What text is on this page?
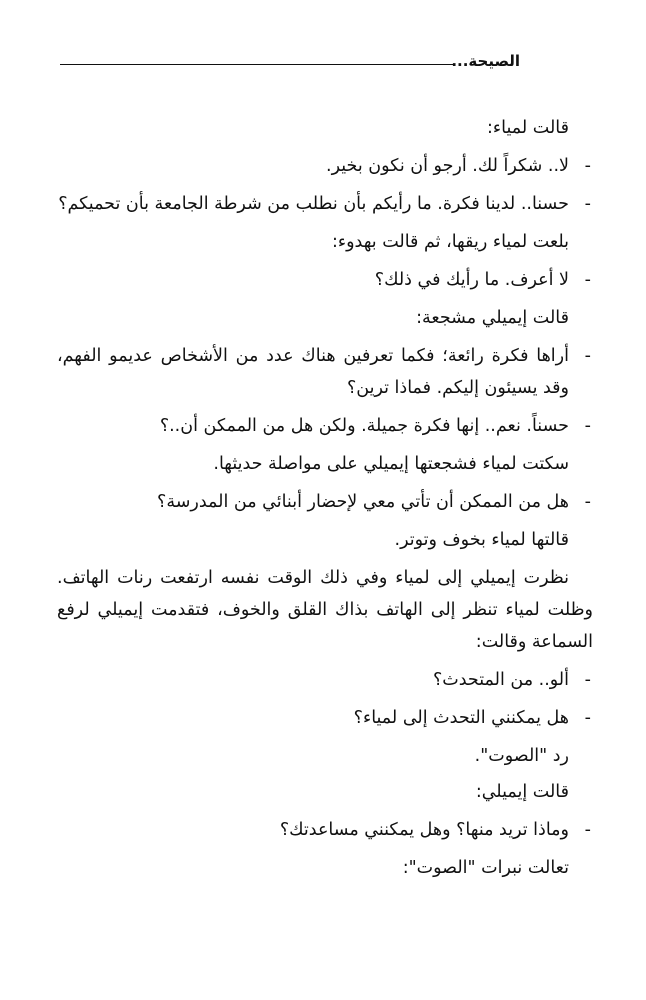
الصيحة...

قالت لمياء:

-
لا.. شكراً لك. أرجو أن نكون بخير.

-
حسنا.. لدينا فكرة. ما رأيكم بأن نطلب من شرطة الجامعة بأن تحميكم؟

بلعت لمياء ريقها، ثم قالت بهدوء:

-
لا أعرف. ما رأيك في ذلك؟

قالت إيميلي مشجعة:

-
أراها فكرة رائعة؛ فكما تعرفين هناك عدد من الأشخاص عديمو الفهم، وقد يسيئون إليكم. فماذا ترين؟

-
حسناً. نعم.. إنها فكرة جميلة. ولكن هل من الممكن أن..؟

سكتت لمياء فشجعتها إيميلي على مواصلة حديثها.

-
هل من الممكن أن تأتي معي لإحضار أبنائي من المدرسة؟

قالتها لمياء بخوف وتوتر.

نظرت إيميلي إلى لمياء وفي ذلك الوقت نفسه ارتفعت رنات الهاتف. وظلت لمياء تنظر إلى الهاتف بذاك القلق والخوف، فتقدمت إيميلي لرفع السماعة وقالت:

-
ألو.. من المتحدث؟

-
هل يمكنني التحدث إلى لمياء؟

رد "الصوت".

قالت إيميلي:

-
وماذا تريد منها؟ وهل يمكنني مساعدتك؟

تعالت نبرات "الصوت":
